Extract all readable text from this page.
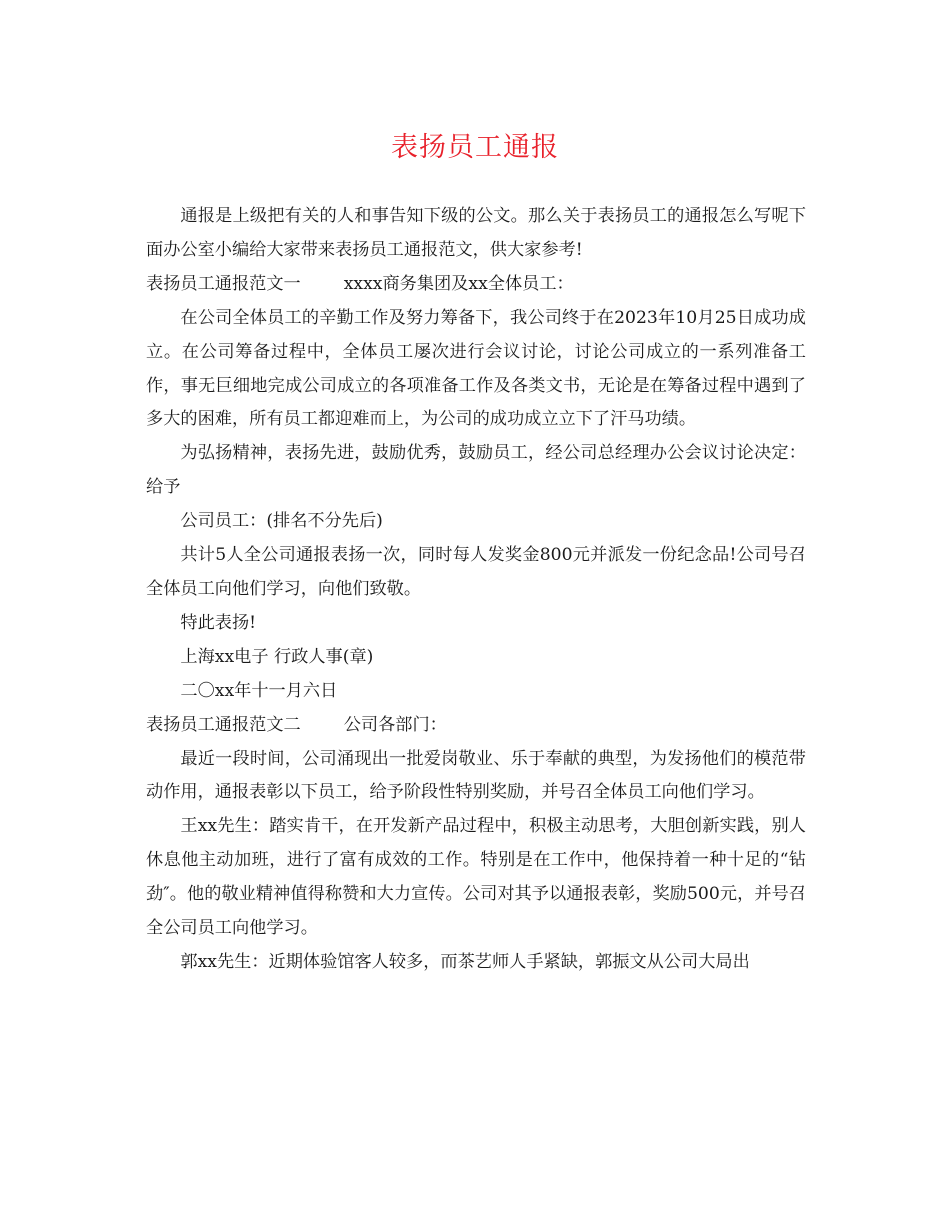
表扬员工通报

通报是上级把有关的人和事告知下级的公文。那么关于表扬员工的通报怎么写呢下面办公室小编给大家带来表扬员工通报范文，供大家参考!

表扬员工通报范文一	xxxx商务集团及xx全体员工：

在公司全体员工的辛勤工作及努力筹备下，我公司终于在2023年10月25日成功成立。在公司筹备过程中，全体员工屡次进行会议讨论，讨论公司成立的一系列准备工作，事无巨细地完成公司成立的各项准备工作及各类文书，无论是在筹备过程中遇到了多大的困难，所有员工都迎难而上，为公司的成功成立立下了汗马功绩。

为弘扬精神，表扬先进，鼓励优秀，鼓励员工，经公司总经理办公会议讨论决定：给予

公司员工：(排名不分先后)

共计5人全公司通报表扬一次，同时每人发奖金800元并派发一份纪念品!公司号召全体员工向他们学习，向他们致敬。

特此表扬!

上海xx电子 行政人事(章)

二〇xx年十一月六日

表扬员工通报范文二	公司各部门：

最近一段时间，公司涌现出一批爱岗敬业、乐于奉献的典型，为发扬他们的模范带动作用，通报表彰以下员工，给予阶段性特别奖励，并号召全体员工向他们学习。

王xx先生：踏实肯干，在开发新产品过程中，积极主动思考，大胆创新实践，别人休息他主动加班，进行了富有成效的工作。特别是在工作中，他保持着一种十足的“钻劲″。他的敬业精神值得称赞和大力宣传。公司对其予以通报表彰，奖励500元，并号召全公司员工向他学习。

郭xx先生：近期体验馆客人较多，而茶艺师人手紧缺，郭振文从公司大局出
